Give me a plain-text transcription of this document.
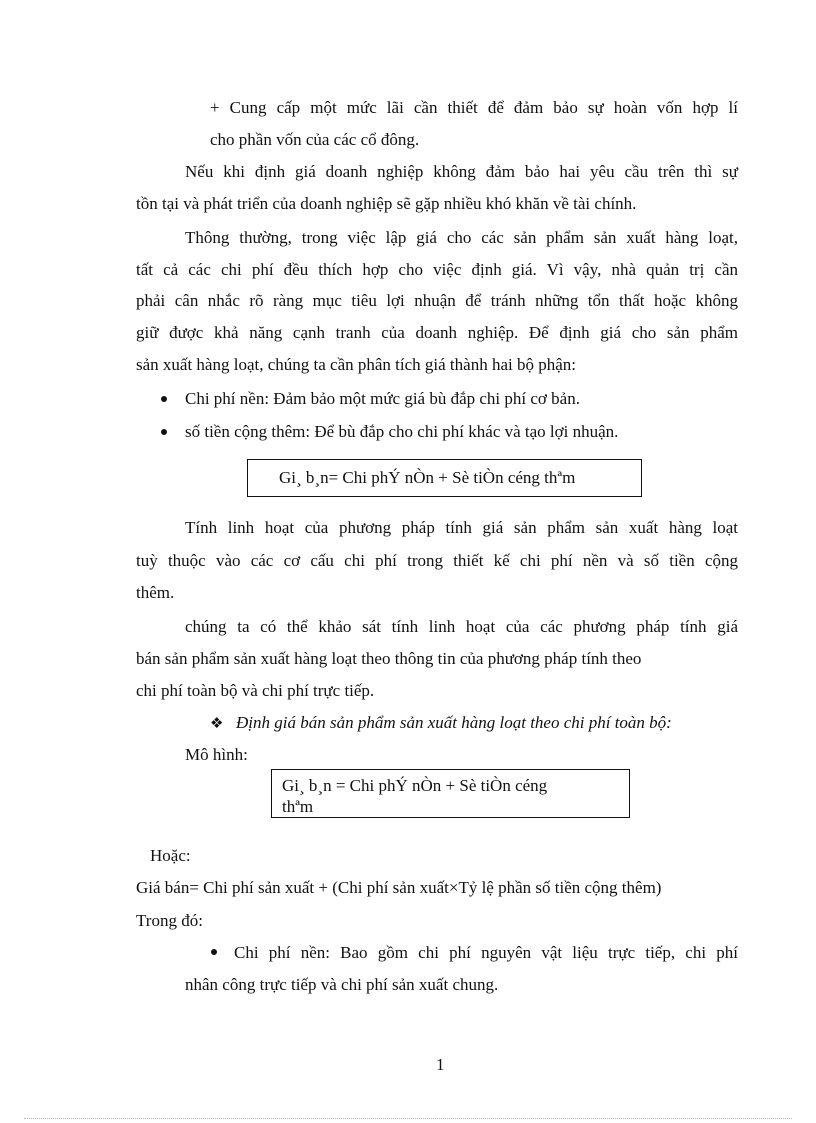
+ Cung cấp một mức lãi cần thiết để đảm bảo sự hoàn vốn hợp lí
cho phần vốn của các cổ đông.
Nếu khi định giá doanh nghiệp không đảm bảo hai yêu cầu trên thì sự
tồn tại và phát triển của doanh nghiệp sẽ gặp nhiều khó khăn về tài chính.
Thông thường, trong việc lập giá cho các sản phẩm sản xuất hàng loạt,
tất cả các chi phí đều thích hợp cho việc định giá. Vì vậy, nhà quản trị cần
phải cân nhắc rõ ràng mục tiêu lợi nhuận để tránh những tổn thất hoặc không
giữ được khả năng cạnh tranh của doanh nghiệp. Để định giá cho sản phẩm
sản xuất hàng loạt, chúng ta cần phân tích giá thành hai bộ phận:
Chi phí nền: Đảm bảo một mức giá bù đắp chi phí cơ bản.
số tiền cộng thêm: Để bù đắp cho chi phí khác và tạo lợi nhuận.
Gi¸ b¸n= Chi phÝ nÒn + Sè tiÒn céng thªm
Tính linh hoạt của phương pháp tính giá sản phẩm sản xuất hàng loạt
tuỳ thuộc vào các cơ cấu chi phí trong thiết kế chi phí nền và số tiền cộng
thêm.
chúng ta có thể khảo sát tính linh hoạt của các phương pháp tính giá
bán sản phẩm sản xuất hàng loạt theo thông tin của phương pháp tính theo
chi phí toàn bộ và chi phí trực tiếp.
❖ Định giá bán sản phẩm sản xuất hàng loạt theo chi phí toàn bộ:
Mô hình:
Gi¸ b¸n = Chi phÝ nÒn + Sè tiÒn céng
thªm
Hoặc:
Giá bán= Chi phí sản xuất + (Chi phí sản xuất×Tỷ lệ phần số tiền cộng thêm)
Trong đó:
Chi phí nền: Bao gồm chi phí nguyên vật liệu trực tiếp, chi phí
nhân công trực tiếp và chi phí sản xuất chung.
1
